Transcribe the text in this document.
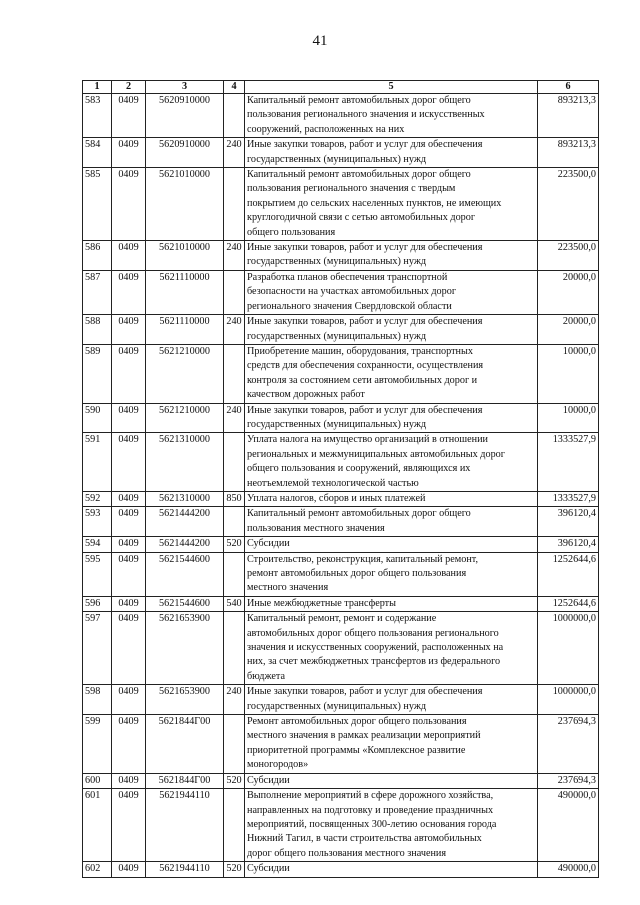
41
1	2	3	4	5	6
583	0409	5620910000		Капитальный ремонт автомобильных дорог общего
пользования регионального значения и искусственных
сооружений, расположенных на них	893213,3
584	0409	5620910000	240	Иные закупки товаров, работ и услуг для обеспечения
государственных (муниципальных) нужд	893213,3
585	0409	5621010000		Капитальный ремонт автомобильных дорог общего
пользования регионального значения с твердым
покрытием до сельских населенных пунктов, не имеющих
круглогодичной связи с сетью автомобильных дорог
общего пользования	223500,0
586	0409	5621010000	240	Иные закупки товаров, работ и услуг для обеспечения
государственных (муниципальных) нужд	223500,0
587	0409	5621110000		Разработка планов обеспечения транспортной
безопасности на участках автомобильных дорог
регионального значения Свердловской области	20000,0
588	0409	5621110000	240	Иные закупки товаров, работ и услуг для обеспечения
государственных (муниципальных) нужд	20000,0
589	0409	5621210000		Приобретение машин, оборудования, транспортных
средств для обеспечения сохранности, осуществления
контроля за состоянием сети автомобильных дорог и
качеством дорожных работ	10000,0
590	0409	5621210000	240	Иные закупки товаров, работ и услуг для обеспечения
государственных (муниципальных) нужд	10000,0
591	0409	5621310000		Уплата налога на имущество организаций в отношении
региональных и межмуниципальных автомобильных дорог
общего пользования и сооружений, являющихся их
неотъемлемой технологической частью	1333527,9
592	0409	5621310000	850	Уплата налогов, сборов и иных платежей	1333527,9
593	0409	5621444200		Капитальный ремонт автомобильных дорог общего
пользования местного значения	396120,4
594	0409	5621444200	520	Субсидии	396120,4
595	0409	5621544600		Строительство, реконструкция, капитальный ремонт,
ремонт автомобильных дорог общего пользования
местного значения	1252644,6
596	0409	5621544600	540	Иные межбюджетные трансферты	1252644,6
597	0409	5621653900		Капитальный ремонт, ремонт и содержание
автомобильных дорог общего пользования регионального
значения и искусственных сооружений, расположенных на
них, за счет межбюджетных трансфертов из федерального
бюджета	1000000,0
598	0409	5621653900	240	Иные закупки товаров, работ и услуг для обеспечения
государственных (муниципальных) нужд	1000000,0
599	0409	5621844Г00		Ремонт автомобильных дорог общего пользования
местного значения в рамках реализации мероприятий
приоритетной программы «Комплексное развитие
моногородов»	237694,3
600	0409	5621844Г00	520	Субсидии	237694,3
601	0409	5621944110		Выполнение мероприятий в сфере дорожного хозяйства,
направленных на подготовку и проведение праздничных
мероприятий, посвященных 300-летию основания города
Нижний Тагил, в части строительства автомобильных
дорог общего пользования местного значения	490000,0
602	0409	5621944110	520	Субсидии	490000,0
